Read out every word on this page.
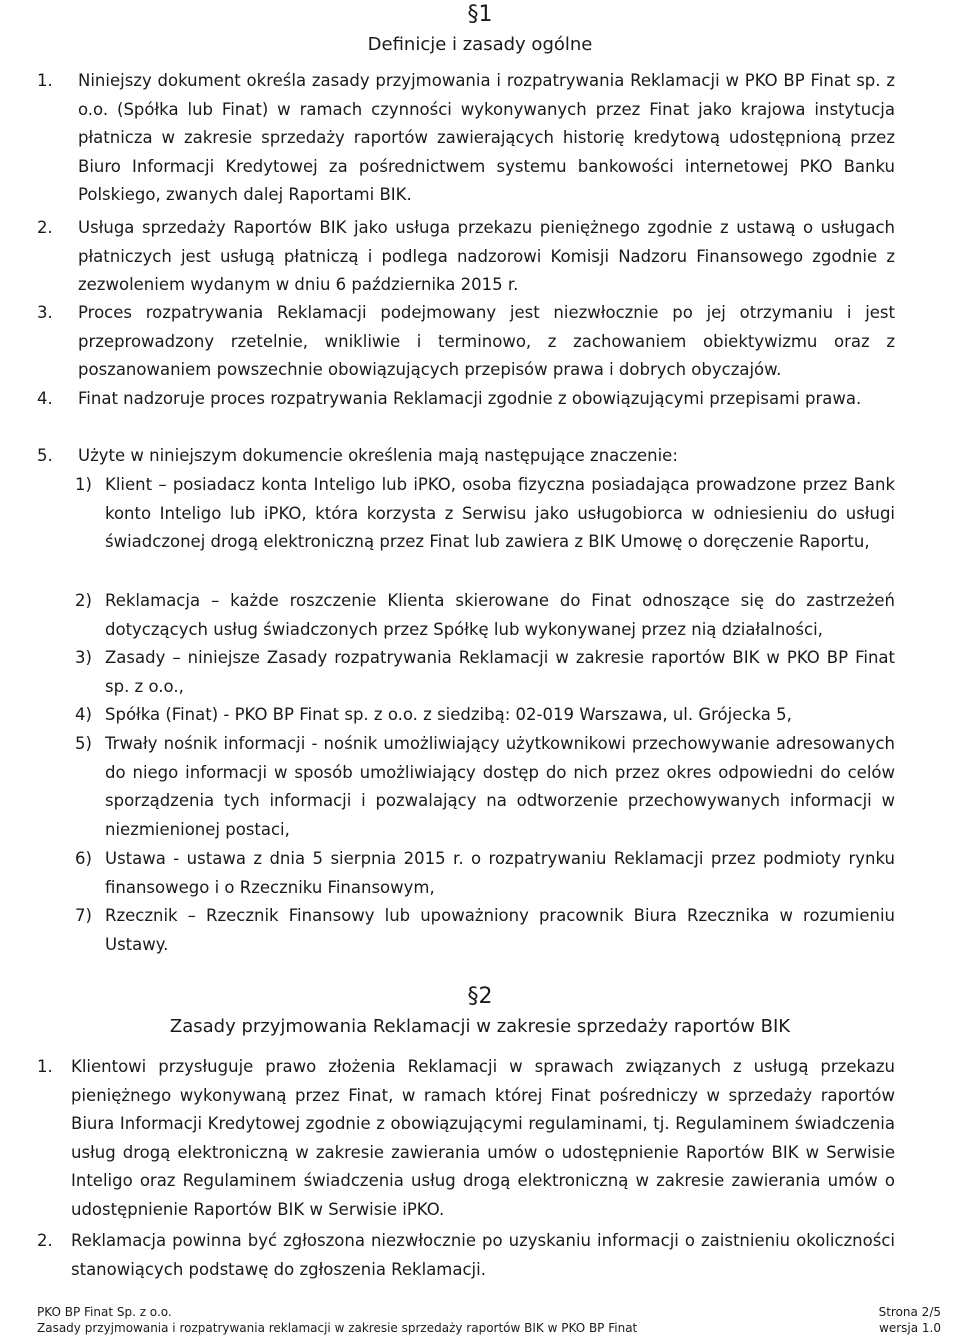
§1
Definicje i zasady ogólne
1. Niniejszy dokument określa zasady przyjmowania i rozpatrywania Reklamacji w PKO BP Finat sp. z o.o. (Spółka lub Finat) w ramach czynności wykonywanych przez Finat jako krajowa instytucja płatnicza w zakresie sprzedaży raportów zawierających historię kredytową udostępnioną przez Biuro Informacji Kredytowej za pośrednictwem systemu bankowości internetowej PKO Banku Polskiego, zwanych dalej Raportami BIK.
2. Usługa sprzedaży Raportów BIK jako usługa przekazu pieniężnego zgodnie z ustawą o usługach płatniczych jest usługą płatniczą i podlega nadzorowi Komisji Nadzoru Finansowego zgodnie z zezwoleniem wydanym w dniu 6 października 2015 r.
3. Proces rozpatrywania Reklamacji podejmowany jest niezwłocznie po jej otrzymaniu i jest przeprowadzony rzetelnie, wnikliwie i terminowo, z zachowaniem obiektywizmu oraz z poszanowaniem powszechnie obowiązujących przepisów prawa i dobrych obyczajów.
4. Finat nadzoruje proces rozpatrywania Reklamacji zgodnie z obowiązującymi przepisami prawa.
5. Użyte w niniejszym dokumencie określenia mają następujące znaczenie:
1) Klient – posiadacz konta Inteligo lub iPKO, osoba fizyczna posiadająca prowadzone przez Bank konto Inteligo lub iPKO, która korzysta z Serwisu jako usługobiorca w odniesieniu do usługi świadczonej drogą elektroniczną przez Finat lub zawiera z BIK Umowę o doręczenie Raportu,
2) Reklamacja – każde roszczenie Klienta skierowane do Finat odnoszące się do zastrzeżeń dotyczących usług świadczonych przez Spółkę lub wykonywanej przez nią działalności,
3) Zasady – niniejsze Zasady rozpatrywania Reklamacji w zakresie raportów BIK w PKO BP Finat sp. z o.o.,
4) Spółka (Finat) - PKO BP Finat sp. z o.o. z siedzibą: 02-019 Warszawa, ul. Grójecka 5,
5) Trwały nośnik informacji - nośnik umożliwiający użytkownikowi przechowywanie adresowanych do niego informacji w sposób umożliwiający dostęp do nich przez okres odpowiedni do celów sporządzenia tych informacji i pozwalający na odtworzenie przechowywanych informacji w niezmienionej postaci,
6) Ustawa - ustawa z dnia 5 sierpnia 2015 r. o rozpatrywaniu Reklamacji przez podmioty rynku finansowego i o Rzeczniku Finansowym,
7) Rzecznik – Rzecznik Finansowy lub upoważniony pracownik Biura Rzecznika w rozumieniu Ustawy.
§2
Zasady przyjmowania Reklamacji w zakresie sprzedaży raportów BIK
1. Klientowi przysługuje prawo złożenia Reklamacji w sprawach związanych z usługą przekazu pieniężnego wykonywaną przez Finat, w ramach której Finat pośredniczy w sprzedaży raportów Biura Informacji Kredytowej zgodnie z obowiązującymi regulaminami, tj. Regulaminem świadczenia usług drogą elektroniczną w zakresie zawierania umów o udostępnienie Raportów BIK w Serwisie Inteligo oraz Regulaminem świadczenia usług drogą elektroniczną w zakresie zawierania umów o udostępnienie Raportów BIK w Serwisie iPKO.
2. Reklamacja powinna być zgłoszona niezwłocznie po uzyskaniu informacji o zaistnieniu okoliczności stanowiących podstawę do zgłoszenia Reklamacji.
PKO BP Finat Sp. z o.o.	Strona 2/5
Zasady przyjmowania i rozpatrywania reklamacji w zakresie sprzedaży raportów BIK w PKO BP Finat	wersja 1.0
